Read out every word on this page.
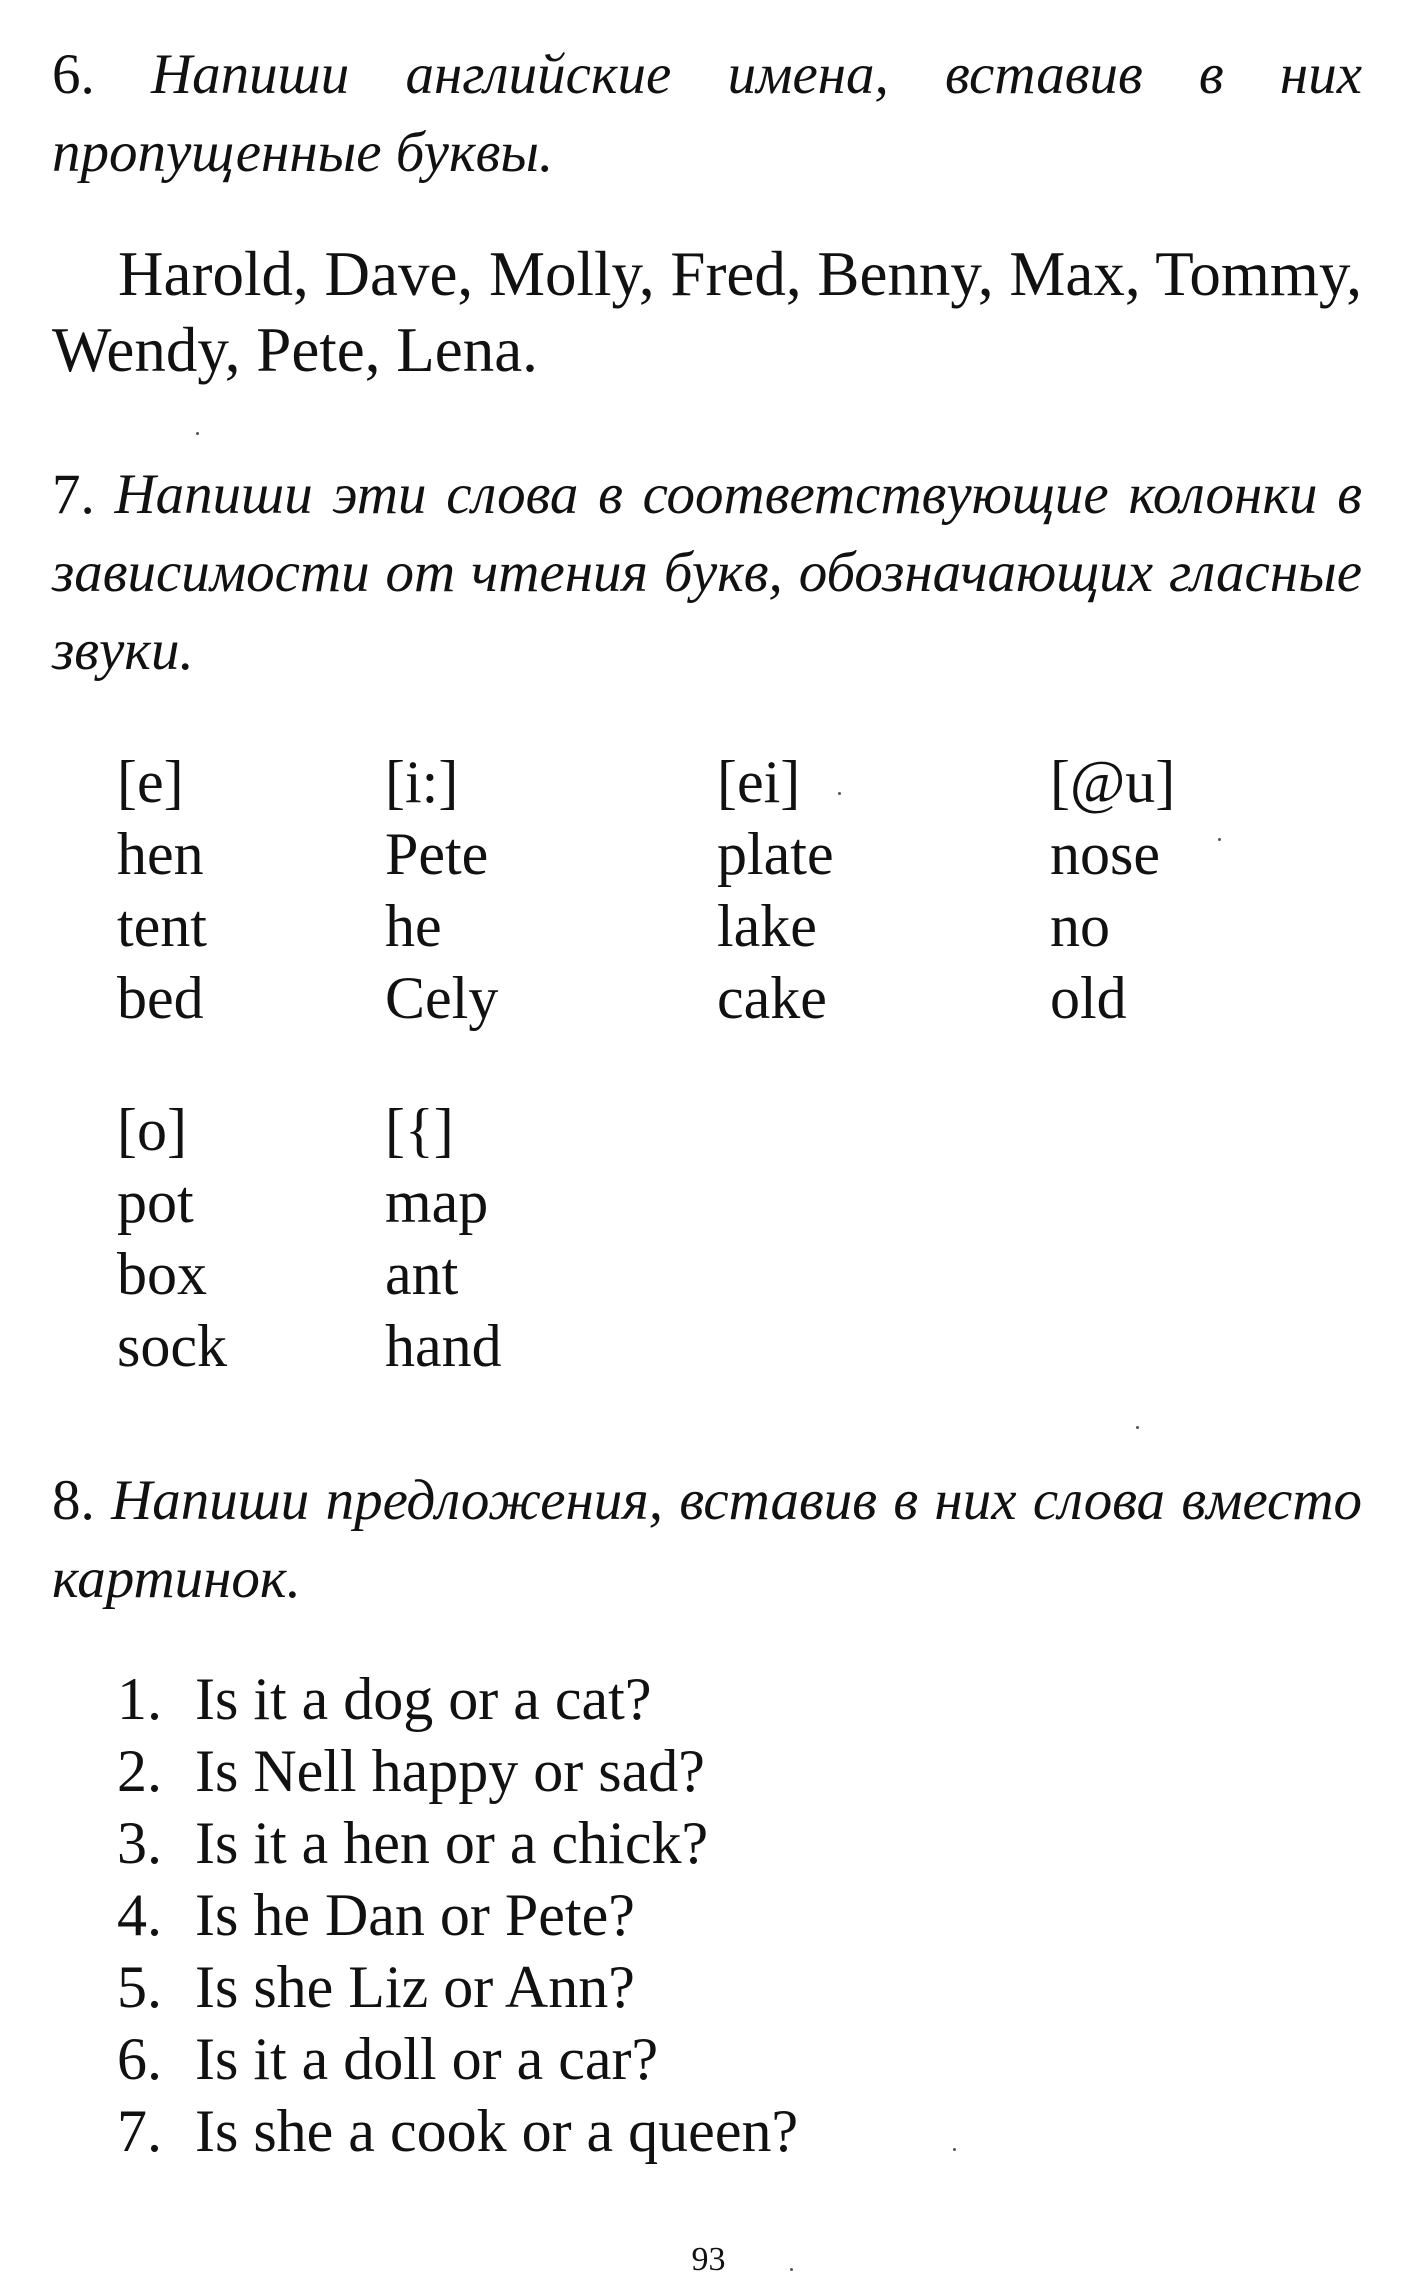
6. Напиши английские имена, вставив в них пропущенные буквы.
Harold, Dave, Molly, Fred, Benny, Max, Tommy, Wendy, Pete, Lena.
7. Напиши эти слова в соответствующие колонки в зависимости от чтения букв, обозначающих гласные звуки.
[e]
hen
tent
bed
[i:]
Pete
he
Cely
[ei]
plate
lake
cake
[@u]
nose
no
old
[o]
pot
box
sock
[{]
map
ant
hand
8. Напиши предложения, вставив в них слова вместо картинок.
1. Is it a dog or a cat?
2. Is Nell happy or sad?
3. Is it a hen or a chick?
4. Is he Dan or Pete?
5. Is she Liz or Ann?
6. Is it a doll or a car?
7. Is she a cook or a queen?
93
